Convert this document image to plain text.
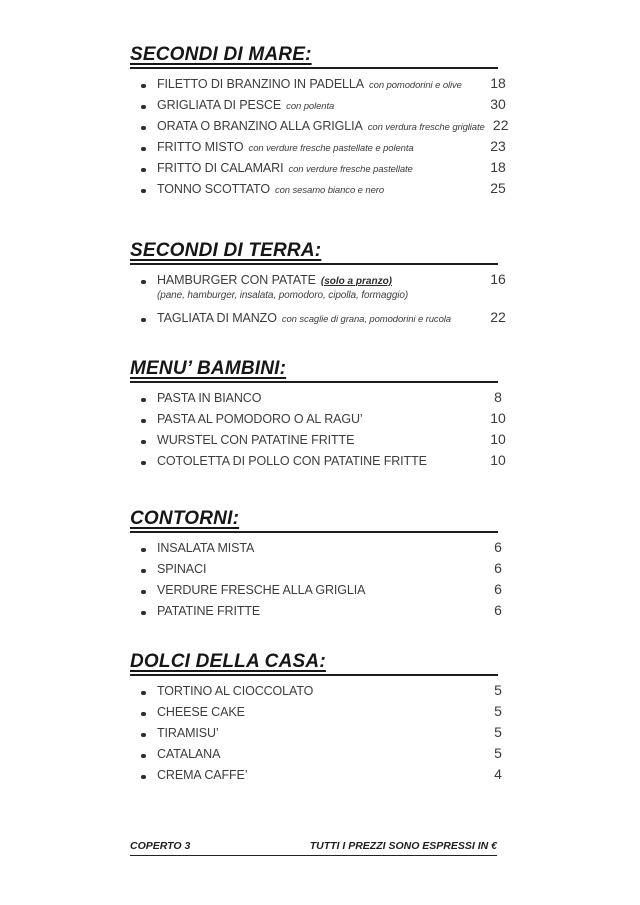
SECONDI DI MARE:
FILETTO DI BRANZINO IN PADELLA con pomodorini e olive	18
GRIGLIATA DI PESCE con polenta	30
ORATA O BRANZINO ALLA GRIGLIA con verdura fresche grigliate 22
FRITTO MISTO con verdure fresche pastellate e polenta	23
FRITTO DI CALAMARI con verdure fresche pastellate	18
TONNO SCOTTATO con sesamo bianco e nero	25
SECONDI DI TERRA:
HAMBURGER CON PATATE (solo a pranzo)	16
(pane, hamburger, insalata, pomodoro, cipolla, formaggio)
TAGLIATA DI MANZO con scaglie di grana, pomodorini e rucola	22
MENU’ BAMBINI:
PASTA IN BIANCO	8
PASTA AL POMODORO O AL RAGU’	10
WURSTEL CON PATATINE FRITTE	10
COTOLETTA DI POLLO CON PATATINE FRITTE	10
CONTORNI:
INSALATA MISTA	6
SPINACI	6
VERDURE FRESCHE ALLA GRIGLIA	6
PATATINE FRITTE	6
DOLCI DELLA CASA:
TORTINO AL CIOCCOLATO	5
CHEESE CAKE	5
TIRAMISU’	5
CATALANA	5
CREMA CAFFE’	4
COPERTO 3	TUTTI I PREZZI SONO ESPRESSI IN €
